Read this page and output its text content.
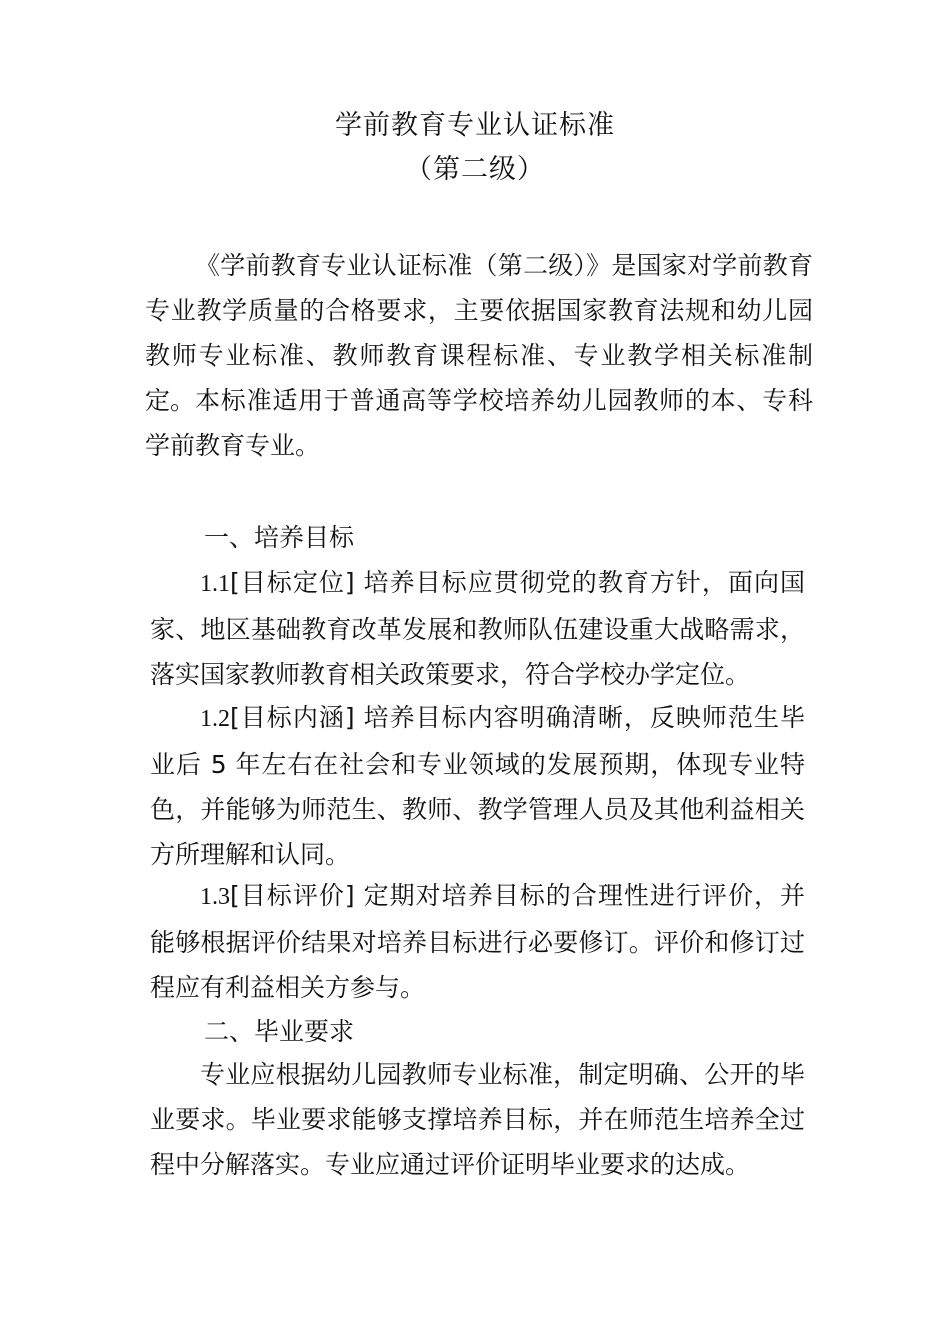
学前教育专业认证标准
（第二级）

《学前教育专业认证标准（第二级）》是国家对学前教育专业教学质量的合格要求，主要依据国家教育法规和幼儿园教师专业标准、教师教育课程标准、专业教学相关标准制定。 本标准适用于普通高等学校培养幼儿园教师的本、专科学前教育专业。

一、培养目标

1.1[目标定位] 培养目标应贯彻党的教育方针，面向国家、地区基础教育改革发展和教师队伍建设重大战略需求，落实国家教师教育相关政策要求，符合学校办学定位。

1.2[目标内涵] 培养目标内容明确清晰，反映师范生毕业后 5 年左右在社会和专业领域的发展预期，体现专业特色，并能够为师范生、教师、教学管理人员及其他利益相关方所理解和认同。

1.3[目标评价] 定期对培养目标的合理性进行评价，并能够根据评价结果对培养目标进行必要修订。评价和修订过程应有利益相关方参与。

二、毕业要求

专业应根据幼儿园教师专业标准，制定明确、公开的毕业要求。毕业要求能够支撑培养目标，并在师范生培养全过程中分解落实。专业应通过评价证明毕业要求的达成。
